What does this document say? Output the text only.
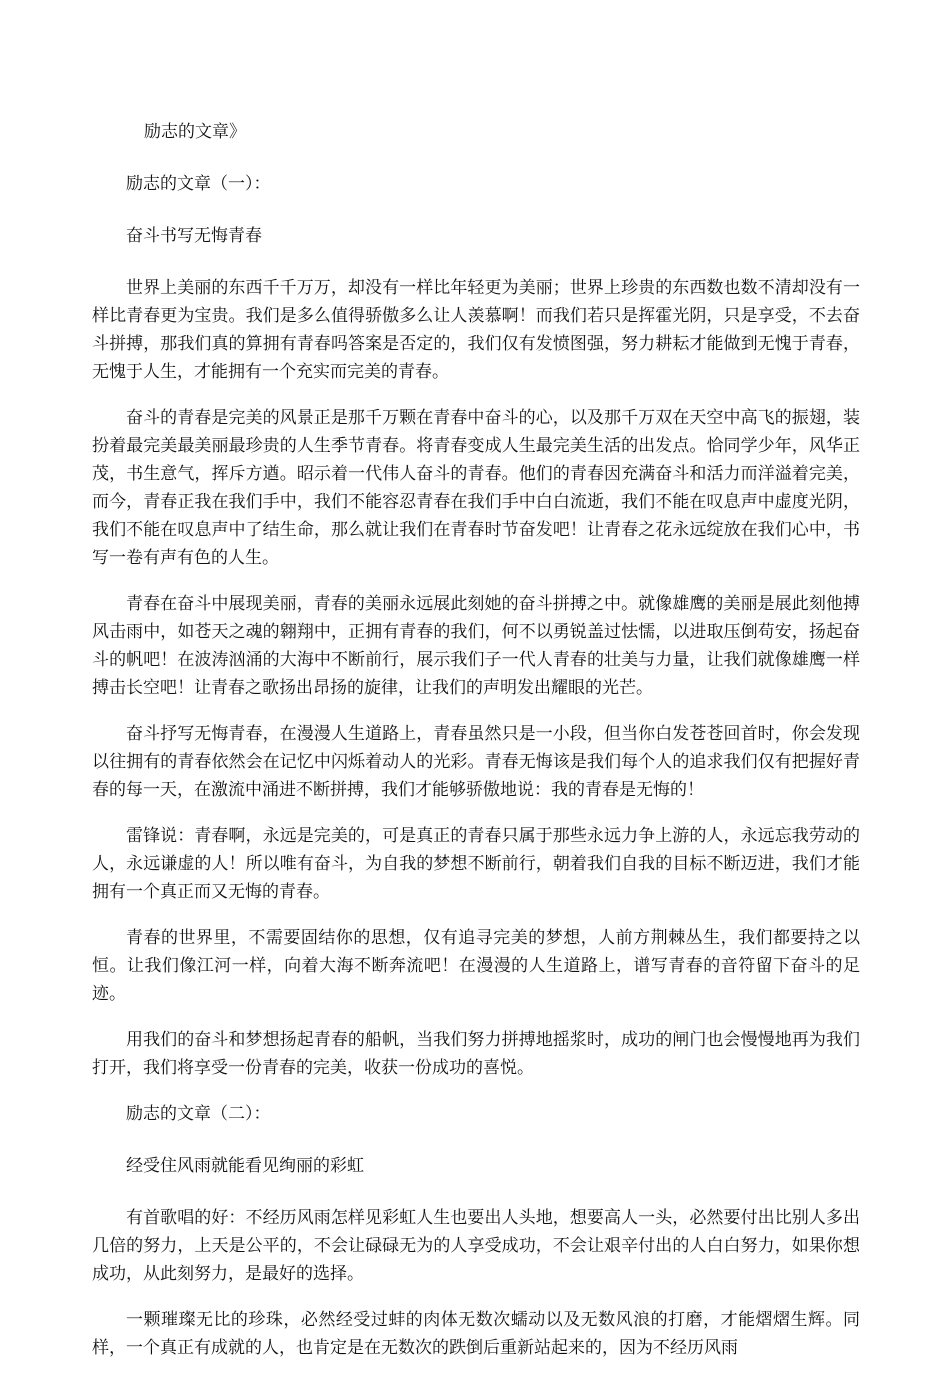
励志的文章》

励志的文章（一）：

奋斗书写无悔青春

世界上美丽的东西千千万万，却没有一样比年轻更为美丽；世界上珍贵的东西数也数不清却没有一样比青春更为宝贵。我们是多么值得骄傲多么让人羡慕啊！而我们若只是挥霍光阴，只是享受，不去奋斗拼搏，那我们真的算拥有青春吗答案是否定的，我们仅有发愤图强，努力耕耘才能做到无愧于青春，无愧于人生，才能拥有一个充实而完美的青春。

奋斗的青春是完美的风景正是那千万颗在青春中奋斗的心，以及那千万双在天空中高飞的振翅，装扮着最完美最美丽最珍贵的人生季节青春。将青春变成人生最完美生活的出发点。恰同学少年，风华正茂，书生意气，挥斥方遒。昭示着一代伟人奋斗的青春。他们的青春因充满奋斗和活力而洋溢着完美，而今，青春正我在我们手中，我们不能容忍青春在我们手中白白流逝，我们不能在叹息声中虚度光阴，我们不能在叹息声中了结生命，那么就让我们在青春时节奋发吧！让青春之花永远绽放在我们心中，书写一卷有声有色的人生。

青春在奋斗中展现美丽，青春的美丽永远展此刻她的奋斗拼搏之中。就像雄鹰的美丽是展此刻他搏风击雨中，如苍天之魂的翱翔中，正拥有青春的我们，何不以勇锐盖过怯懦，以进取压倒苟安，扬起奋斗的帆吧！在波涛汹涌的大海中不断前行，展示我们子一代人青春的壮美与力量，让我们就像雄鹰一样搏击长空吧！让青春之歌扬出昂扬的旋律，让我们的声明发出耀眼的光芒。

奋斗抒写无悔青春，在漫漫人生道路上，青春虽然只是一小段，但当你白发苍苍回首时，你会发现以往拥有的青春依然会在记忆中闪烁着动人的光彩。青春无悔该是我们每个人的追求我们仅有把握好青春的每一天，在激流中涌进不断拼搏，我们才能够骄傲地说：我的青春是无悔的！

雷锋说：青春啊，永远是完美的，可是真正的青春只属于那些永远力争上游的人，永远忘我劳动的人，永远谦虚的人！所以唯有奋斗，为自我的梦想不断前行，朝着我们自我的目标不断迈进，我们才能拥有一个真正而又无悔的青春。

青春的世界里，不需要固结你的思想，仅有追寻完美的梦想，人前方荆棘丛生，我们都要持之以恒。让我们像江河一样，向着大海不断奔流吧！在漫漫的人生道路上，谱写青春的音符留下奋斗的足迹。

用我们的奋斗和梦想扬起青春的船帆，当我们努力拼搏地摇浆时，成功的闸门也会慢慢地再为我们打开，我们将享受一份青春的完美，收获一份成功的喜悦。

励志的文章（二）：

经受住风雨就能看见绚丽的彩虹

有首歌唱的好：不经历风雨怎样见彩虹人生也要出人头地，想要高人一头，必然要付出比别人多出几倍的努力，上天是公平的，不会让碌碌无为的人享受成功，不会让艰辛付出的人白白努力，如果你想成功，从此刻努力，是最好的选择。

一颗璀璨无比的珍珠，必然经受过蚌的肉体无数次蠕动以及无数风浪的打磨，才能熠熠生辉。同样，一个真正有成就的人，也肯定是在无数次的跌倒后重新站起来的，因为不经历风雨
